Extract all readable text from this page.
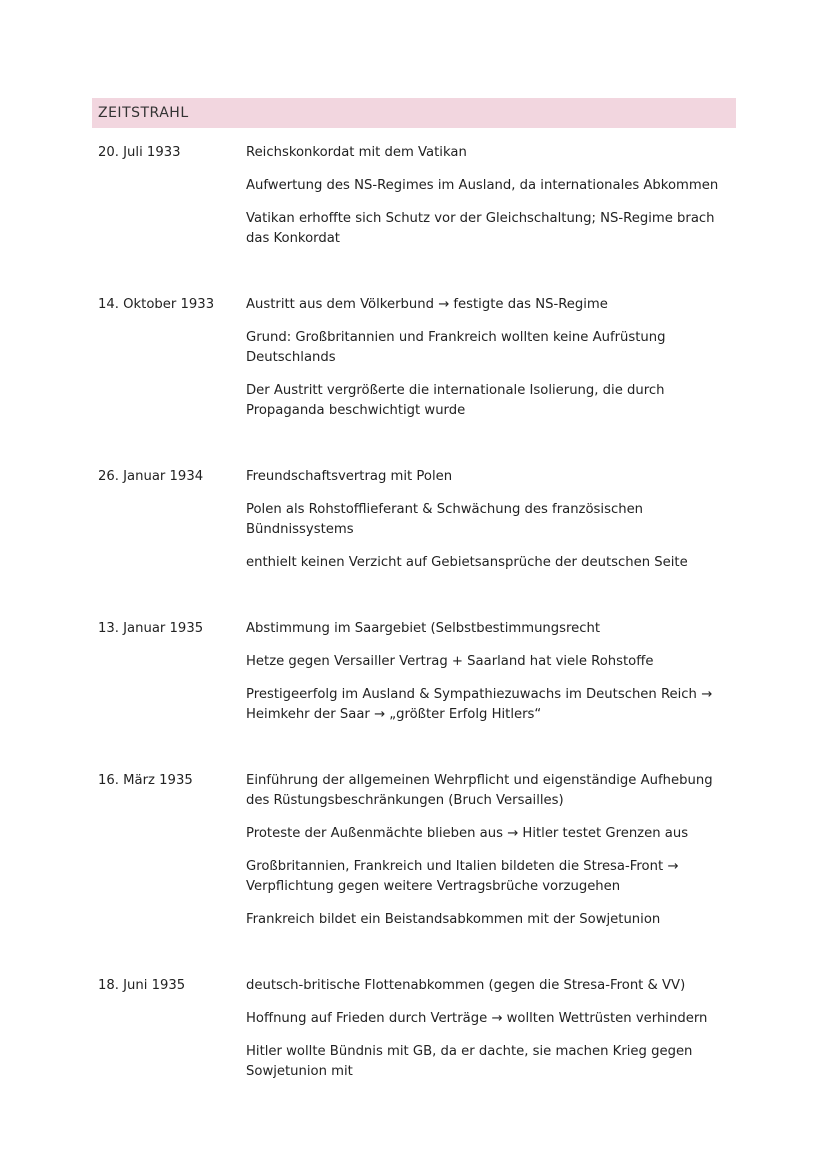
ZEITSTRAHL
20. Juli 1933	Reichskonkordat mit dem Vatikan
Aufwertung des NS-Regimes im Ausland, da internationales Abkommen
Vatikan erhoffte sich Schutz vor der Gleichschaltung; NS-Regime brach das Konkordat
14. Oktober 1933	Austritt aus dem Völkerbund → festigte das NS-Regime
Grund: Großbritannien und Frankreich wollten keine Aufrüstung Deutschlands
Der Austritt vergrößerte die internationale Isolierung, die durch Propaganda beschwichtigt wurde
26. Januar 1934	Freundschaftsvertrag mit Polen
Polen als Rohstofflieferant & Schwächung des französischen Bündnissystems
enthielt keinen Verzicht auf Gebietsansprüche der deutschen Seite
13. Januar 1935	Abstimmung im Saargebiet (Selbstbestimmungsrecht
Hetze gegen Versailler Vertrag + Saarland hat viele Rohstoffe
Prestigeerfolg im Ausland & Sympathiezuwachs im Deutschen Reich → Heimkehr der Saar → „größter Erfolg Hitlers“
16. März 1935	Einführung der allgemeinen Wehrpflicht und eigenständige Aufhebung des Rüstungsbeschränkungen (Bruch Versailles)
Proteste der Außenmächte blieben aus → Hitler testet Grenzen aus
Großbritannien, Frankreich und Italien bildeten die Stresa-Front → Verpflichtung gegen weitere Vertragsbrüche vorzugehen
Frankreich bildet ein Beistandsabkommen mit der Sowjetunion
18. Juni 1935	deutsch-britische Flottenabkommen (gegen die Stresa-Front & VV)
Hoffnung auf Frieden durch Verträge → wollten Wettrüsten verhindern
Hitler wollte Bündnis mit GB, da er dachte, sie machen Krieg gegen Sowjetunion mit
